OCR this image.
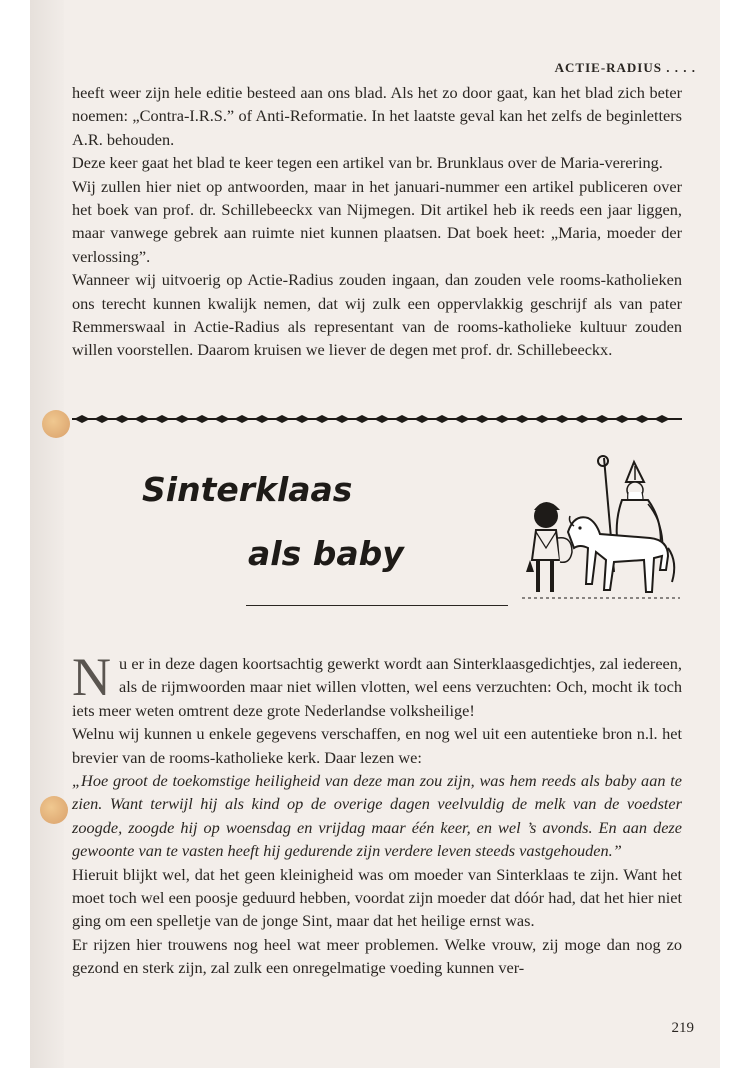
ACTIE-RADIUS . . . .

heeft weer zijn hele editie besteed aan ons blad. Als het zo door gaat, kan het blad zich beter noemen: „Contra-I.R.S.” of Anti-Reformatie. In het laatste geval kan het zelfs de beginletters A.R. behouden.

Deze keer gaat het blad te keer tegen een artikel van br. Brunklaus over de Maria-verering.

Wij zullen hier niet op antwoorden, maar in het januari-nummer een artikel publiceren over het boek van prof. dr. Schillebeeckx van Nijmegen. Dit artikel heb ik reeds een jaar liggen, maar vanwege gebrek aan ruimte niet kunnen plaatsen. Dat boek heet: „Maria, moeder der verlossing”.

Wanneer wij uitvoerig op Actie-Radius zouden ingaan, dan zouden vele rooms-katholieken ons terecht kunnen kwalijk nemen, dat wij zulk een oppervlakkig geschrijf als van pater Remmerswaal in Actie-Radius als representant van de rooms-katholieke kultuur zouden willen voorstellen. Daarom kruisen we liever de degen met prof. dr. Schillebeeckx.

Sinterklaas
als baby

Nu er in deze dagen koortsachtig gewerkt wordt aan Sinterklaasgedichtjes, zal iedereen, als de rijmwoorden maar niet willen vlotten, wel eens verzuchten: Och, mocht ik toch iets meer weten omtrent deze grote Nederlandse volksheilige!

Welnu wij kunnen u enkele gegevens verschaffen, en nog wel uit een autentieke bron n.l. het brevier van de rooms-katholieke kerk. Daar lezen we:

„Hoe groot de toekomstige heiligheid van deze man zou zijn, was hem reeds als baby aan te zien. Want terwijl hij als kind op de overige dagen veelvuldig de melk van de voedster zoogde, zoogde hij op woensdag en vrijdag maar één keer, en wel ’s avonds. En aan deze gewoonte van te vasten heeft hij gedurende zijn verdere leven steeds vastgehouden.”

Hieruit blijkt wel, dat het geen kleinigheid was om moeder van Sinterklaas te zijn. Want het moet toch wel een poosje geduurd hebben, voordat zijn moeder dat dóór had, dat het hier niet ging om een spelletje van de jonge Sint, maar dat het heilige ernst was.

Er rijzen hier trouwens nog heel wat meer problemen. Welke vrouw, zij moge dan nog zo gezond en sterk zijn, zal zulk een onregelmatige voeding kunnen ver-

219
